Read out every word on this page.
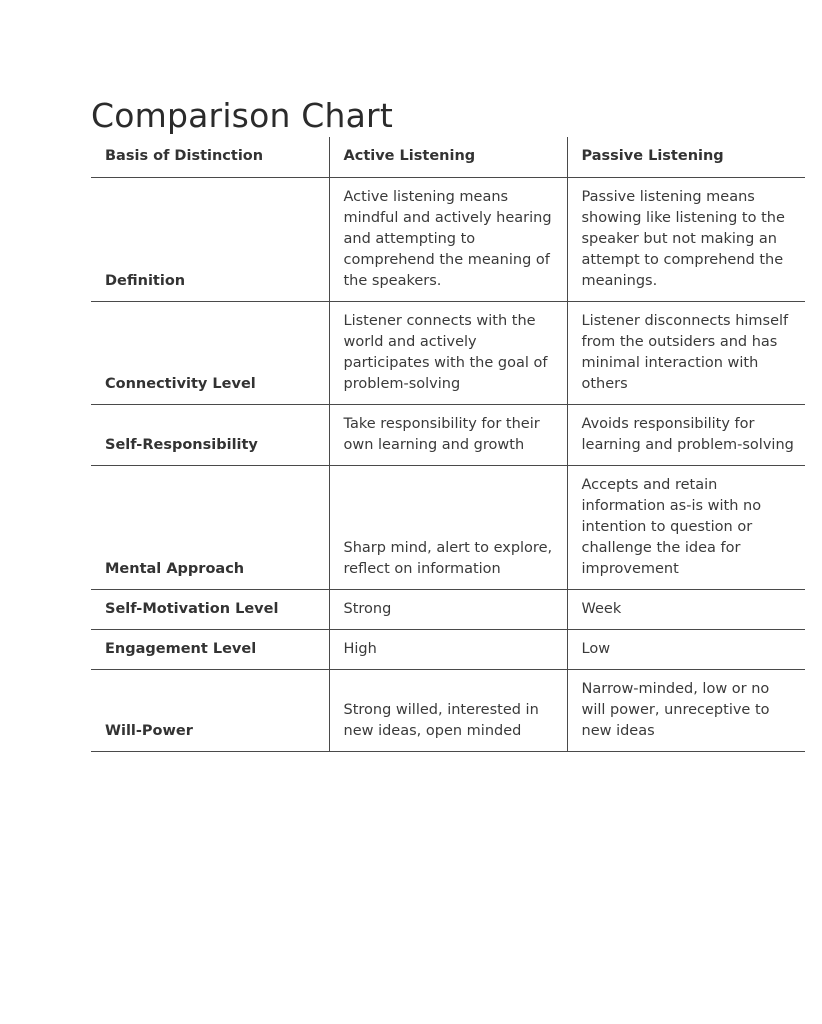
Comparison Chart
Basis of Distinction	Active Listening	Passive Listening
Definition	Active listening means
mindful and actively hearing
and attempting to
comprehend the meaning of
the speakers.	Passive listening means
showing like listening to the
speaker but not making an
attempt to comprehend the
meanings.

Connectivity Level	Listener connects with the
world and actively
participates with the goal of
problem-solving	Listener disconnects himself
from the outsiders and has
minimal interaction with
others

Self-Responsibility	Take responsibility for their
own learning and growth	Avoids responsibility for
learning and problem-solving

Mental Approach	Sharp mind, alert to explore,
reflect on information	Accepts and retain
information as-is with no
intention to question or
challenge the idea for
improvement

Self-Motivation Level	Strong	Week

Engagement Level	High	Low

Will-Power	Strong willed, interested in
new ideas, open minded	Narrow-minded, low or no
will power, unreceptive to
new ideas
